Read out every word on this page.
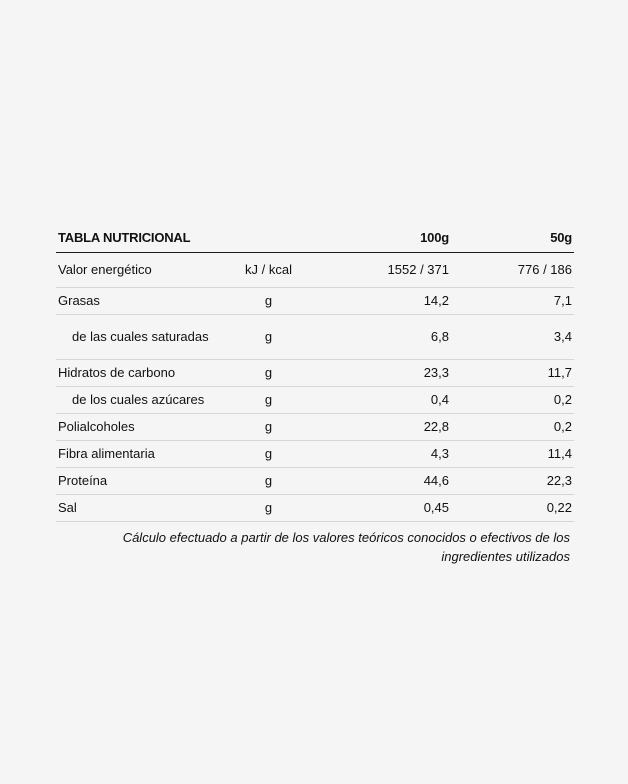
TABLA NUTRICIONAL		100g	50g
Valor energético	kJ / kcal	1552 / 371	776 / 186
Grasas	g	14,2	7,1
de las cuales saturadas	g	6,8	3,4
Hidratos de carbono	g	23,3	11,7
de los cuales azúcares	g	0,4	0,2
Polialcoholes	g	22,8	0,2
Fibra alimentaria	g	4,3	11,4
Proteína	g	44,6	22,3
Sal	g	0,45	0,22
Cálculo efectuado a partir de los valores teóricos conocidos o efectivos de los ingredientes utilizados
